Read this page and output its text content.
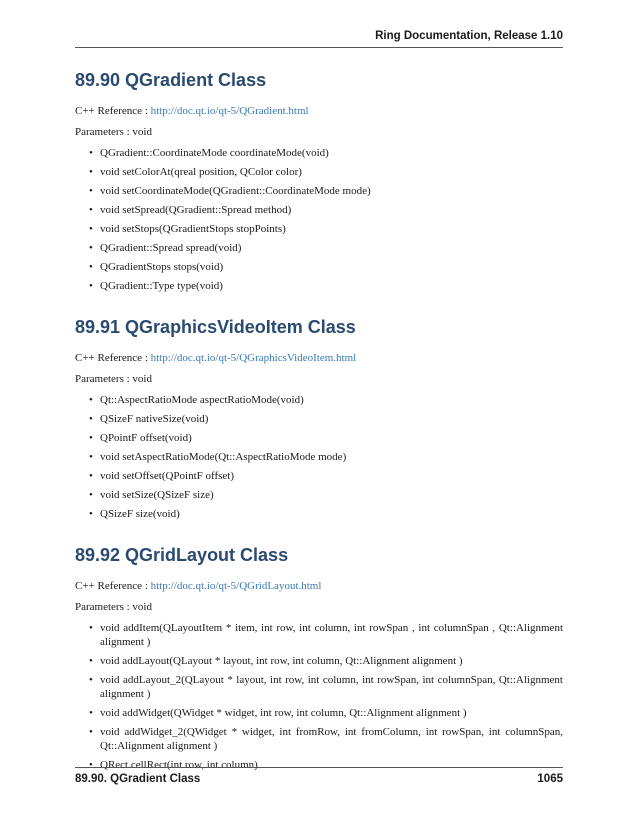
Ring Documentation, Release 1.10
89.90 QGradient Class

C++ Reference : http://doc.qt.io/qt-5/QGradient.html

Parameters : void

• QGradient::CoordinateMode coordinateMode(void)
• void setColorAt(qreal position, QColor color)
• void setCoordinateMode(QGradient::CoordinateMode mode)
• void setSpread(QGradient::Spread method)
• void setStops(QGradientStops stopPoints)
• QGradient::Spread spread(void)
• QGradientStops stops(void)
• QGradient::Type type(void)
89.91 QGraphicsVideoItem Class

C++ Reference : http://doc.qt.io/qt-5/QGraphicsVideoItem.html

Parameters : void

• Qt::AspectRatioMode aspectRatioMode(void)
• QSizeF nativeSize(void)
• QPointF offset(void)
• void setAspectRatioMode(Qt::AspectRatioMode mode)
• void setOffset(QPointF offset)
• void setSize(QSizeF size)
• QSizeF size(void)
89.92 QGridLayout Class

C++ Reference : http://doc.qt.io/qt-5/QGridLayout.html

Parameters : void

• void addItem(QLayoutItem * item, int row, int column, int rowSpan , int columnSpan , Qt::Alignment alignment )
• void addLayout(QLayout * layout, int row, int column, Qt::Alignment alignment )
• void addLayout_2(QLayout * layout, int row, int column, int rowSpan, int columnSpan, Qt::Alignment alignment )
• void addWidget(QWidget * widget, int row, int column, Qt::Alignment alignment )
• void addWidget_2(QWidget * widget, int fromRow, int fromColumn, int rowSpan, int columnSpan, Qt::Alignment alignment )
• QRect cellRect(int row, int column)
89.90. QGradient Class	1065
